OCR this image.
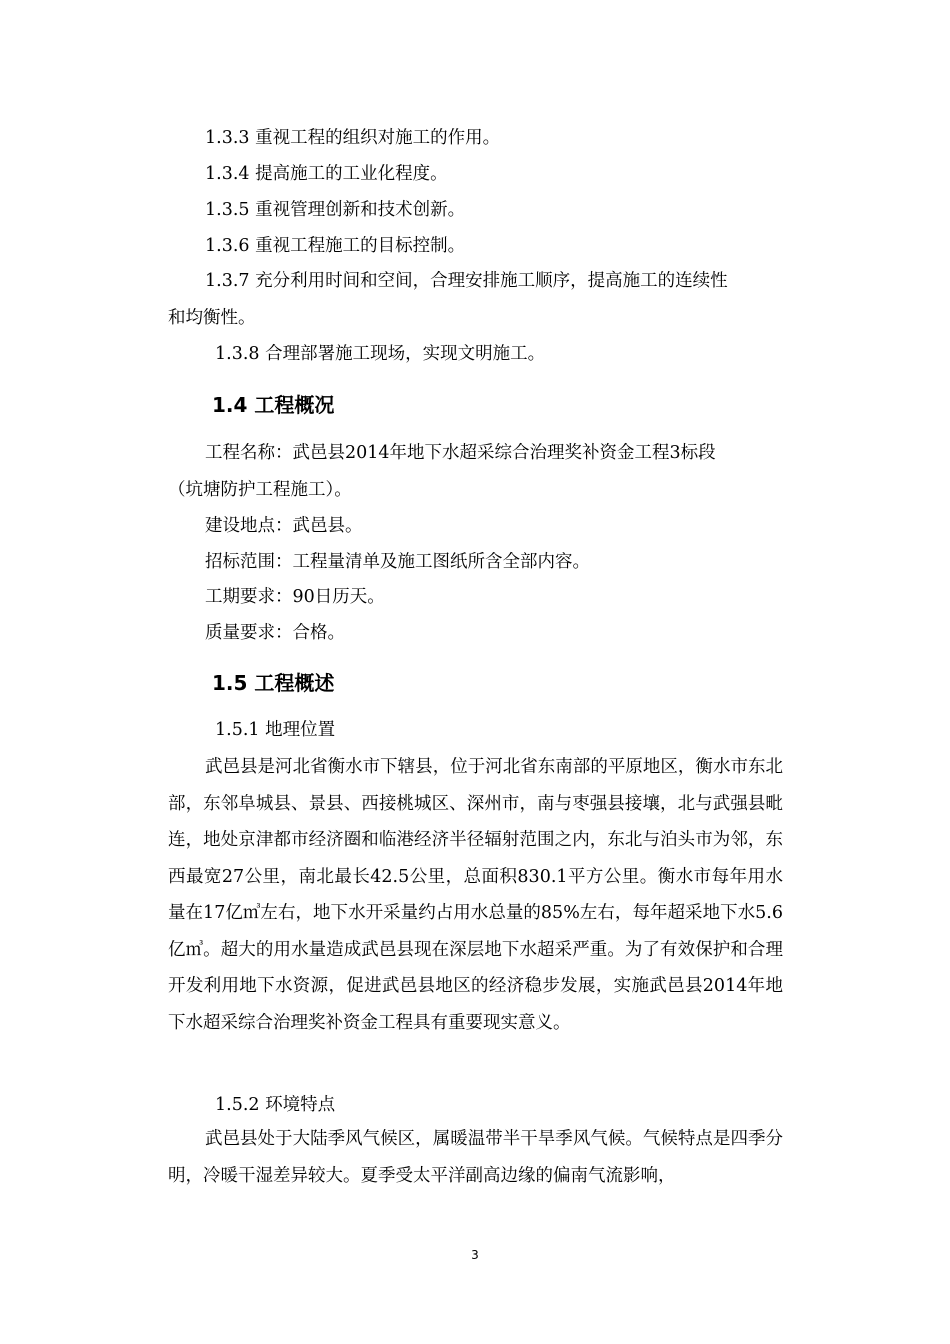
1.3.3 重视工程的组织对施工的作用。
1.3.4 提高施工的工业化程度。
1.3.5 重视管理创新和技术创新。
1.3.6 重视工程施工的目标控制。
1.3.7 充分利用时间和空间，合理安排施工顺序，提高施工的连续性
和均衡性。
1.3.8 合理部署施工现场，实现文明施工。
1.4 工程概况
工程名称：武邑县2014年地下水超采综合治理奖补资金工程3标段
（坑塘防护工程施工）。
建设地点：武邑县。
招标范围：工程量清单及施工图纸所含全部内容。
工期要求：90日历天。
质量要求：合格。
1.5 工程概述
1.5.1 地理位置
武邑县是河北省衡水市下辖县，位于河北省东南部的平原地区，衡水市东北部，东邻阜城县、景县、西接桃城区、深州市，南与枣强县接壤，北与武强县毗连，地处京津都市经济圈和临港经济半径辐射范围之内，东北与泊头市为邻，东西最宽27公里，南北最长42.5公里，总面积830.1平方公里。衡水市每年用水量在17亿㎥左右，地下水开采量约占用水总量的85%左右，每年超采地下水5.6亿㎥。超大的用水量造成武邑县现在深层地下水超采严重。为了有效保护和合理开发利用地下水资源，促进武邑县地区的经济稳步发展，实施武邑县2014年地下水超采综合治理奖补资金工程具有重要现实意义。
1.5.2 环境特点
武邑县处于大陆季风气候区，属暖温带半干旱季风气候。气候特点是四季分明，冷暖干湿差异较大。夏季受太平洋副高边缘的偏南气流影响，
3
